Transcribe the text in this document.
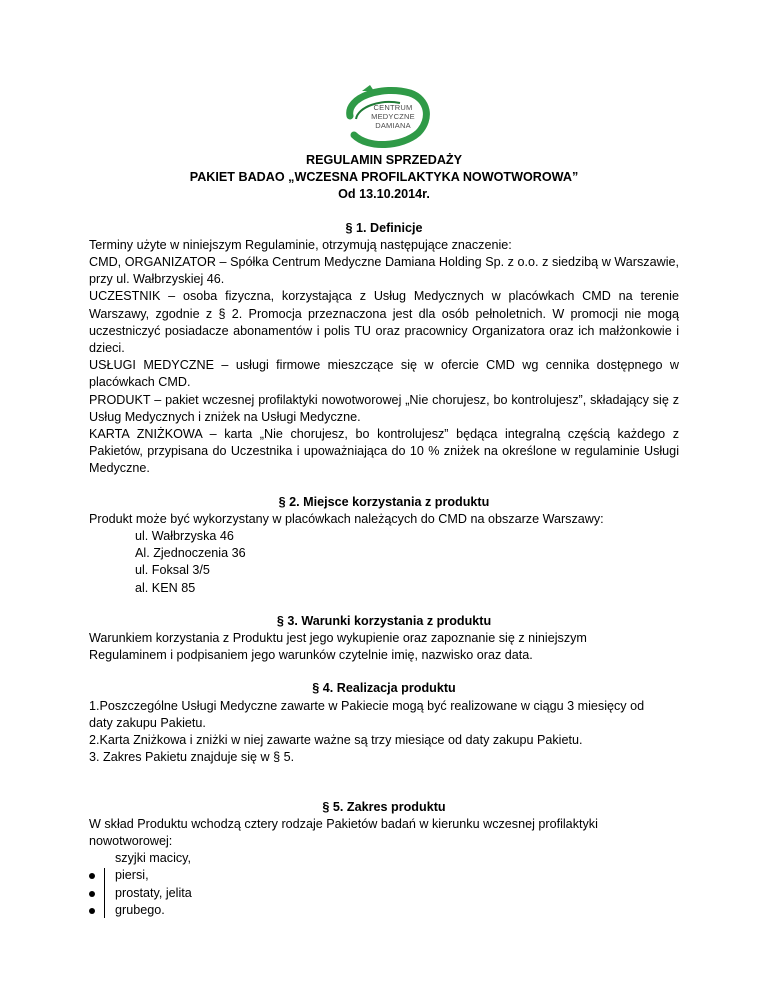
CENTRUM
MEDYCZNE
DAMIANA

REGULAMIN SPRZEDAŻY

PAKIET BADAO „WCZESNA PROFILAKTYKA NOWOTWOROWA”

Od 13.10.2014r.

§ 1. Definicje

Terminy użyte w niniejszym Regulaminie, otrzymują następujące znaczenie:

CMD, ORGANIZATOR – Spółka Centrum Medyczne Damiana Holding Sp. z o.o. z siedzibą w Warszawie, przy ul. Wałbrzyskiej 46.

UCZESTNIK – osoba fizyczna, korzystająca z Usług Medycznych w placówkach CMD na terenie Warszawy, zgodnie z § 2. Promocja przeznaczona jest dla osób pełnoletnich. W promocji nie mogą uczestniczyć posiadacze abonamentów i polis TU oraz pracownicy Organizatora oraz ich małżonkowie i dzieci.

USŁUGI MEDYCZNE – usługi firmowe mieszczące się w ofercie CMD wg cennika dostępnego w placówkach CMD.

PRODUKT – pakiet wczesnej profilaktyki nowotworowej „Nie chorujesz, bo kontrolujesz”, składający się z Usług Medycznych i zniżek na Usługi Medyczne.

KARTA ZNIŻKOWA – karta „Nie chorujesz, bo kontrolujesz” będąca integralną częścią każdego z Pakietów, przypisana do Uczestnika i upoważniająca do 10 % zniżek na określone w regulaminie Usługi Medyczne.

§ 2. Miejsce korzystania z produktu

Produkt może być wykorzystany w placówkach należących do CMD na obszarze Warszawy:

ul. Wałbrzyska 46

Al. Zjednoczenia 36

ul. Foksal 3/5

al. KEN 85

§ 3. Warunki korzystania z produktu

Warunkiem korzystania z Produktu jest jego wykupienie oraz zapoznanie się z niniejszym

Regulaminem i podpisaniem jego warunków czytelnie imię, nazwisko oraz data.

§ 4. Realizacja produktu

1.Poszczególne Usługi Medyczne zawarte w Pakiecie mogą być realizowane w ciągu 3 miesięcy od

daty zakupu Pakietu.

2.Karta Zniżkowa i zniżki w niej zawarte ważne są trzy miesiące od daty zakupu Pakietu.

3. Zakres Pakietu znajduje się w § 5.

§ 5. Zakres produktu

W skład Produktu wchodzą cztery rodzaje Pakietów badań w kierunku wczesnej profilaktyki

nowotworowej:

szyjki macicy,

piersi,

prostaty, jelita

grubego.
